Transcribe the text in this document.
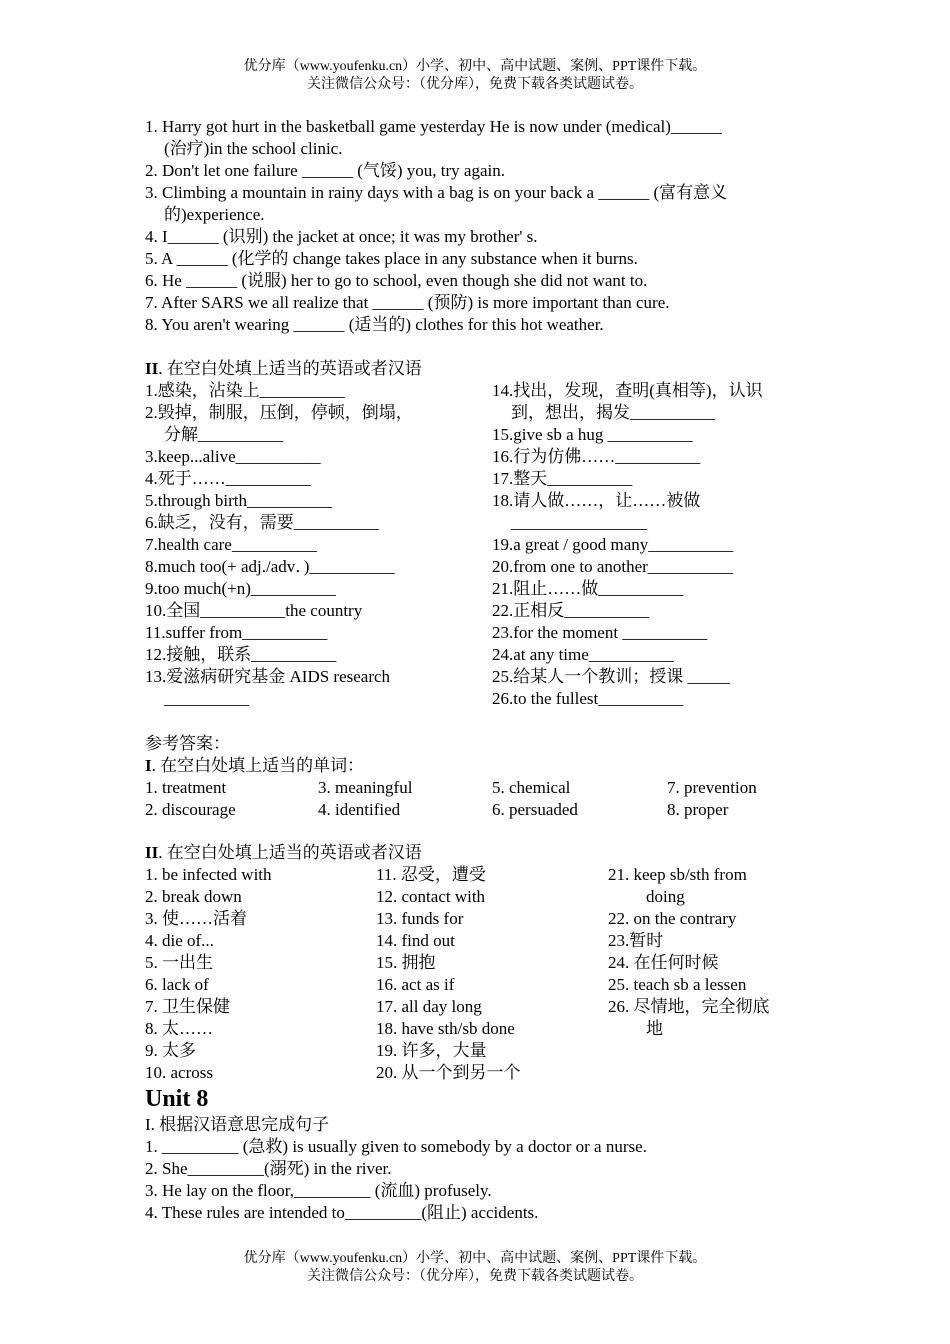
优分库（www.youfenku.cn）小学、初中、高中试题、案例、PPT课件下载。
关注微信公众号：（优分库），免费下载各类试题试卷。
1. Harry got hurt in the basketball game yesterday He is now under (medical)______
(治疗)in the school clinic.
2. Don't let one failure ______ (气馁) you, try again.
3. Climbing a mountain in rainy days with a bag is on your back a ______ (富有意义
的)experience.
4. I______ (识别) the jacket at once; it was my brother' s.
5. A ______ (化学的 change takes place in any substance when it burns.
6. He ______ (说服) her to go to school, even though she did not want to.
7. After SARS we all realize that ______ (预防) is more important than cure.
8. You aren't wearing ______ (适当的) clothes for this hot weather.
II. 在空白处填上适当的英语或者汉语
1.感染，沾染上__________
2.毁掉，制服，压倒，停顿，倒塌，
分解__________
3.keep...alive__________
4.死于……__________
5.through birth__________
6.缺乏，没有，需要__________
7.health care__________
8.much too(+ adj./adv．)__________
9.too much(+n)__________
10.全国__________the country
11.suffer from__________
12.接触，联系__________
13.爱滋病研究基金 AIDS research
__________
14.找出，发现，查明(真相等)，认识
到，想出，揭发__________
15.give sb a hug __________
16.行为仿佛……__________
17.整天__________
18.请人做……，让……被做
________________
19.a great / good many__________
20.from one to another__________
21.阻止……做__________
22.正相反__________
23.for the moment __________
24.at any time__________
25.给某人一个教训；授课 _____
26.to the fullest__________
参考答案：
I. 在空白处填上适当的单词：
1. treatment
2. discourage
3. meaningful
4. identified
5. chemical
6. persuaded
7. prevention
8. proper
II. 在空白处填上适当的英语或者汉语
1. be infected with
2. break down
3. 使……活着
4. die of...
5. 一出生
6. lack of
7. 卫生保健
8. 太……
9. 太多
10. across
11. 忍受，遭受
12. contact with
13. funds for
14. find out
15. 拥抱
16. act as if
17. all day long
18. have sth/sb done
19. 许多，大量
20. 从一个到另一个
21. keep sb/sth from
doing
22. on the contrary
23.暂时
24. 在任何时候
25. teach sb a lessen
26. 尽情地，完全彻底
地
Unit 8
I. 根据汉语意思完成句子
1. _________ (急救) is usually given to somebody by a doctor or a nurse.
2. She_________(溺死) in the river.
3. He lay on the floor,_________ (流血) profusely.
4. These rules are intended to_________(阻止) accidents.
优分库（www.youfenku.cn）小学、初中、高中试题、案例、PPT课件下载。
关注微信公众号：（优分库），免费下载各类试题试卷。
